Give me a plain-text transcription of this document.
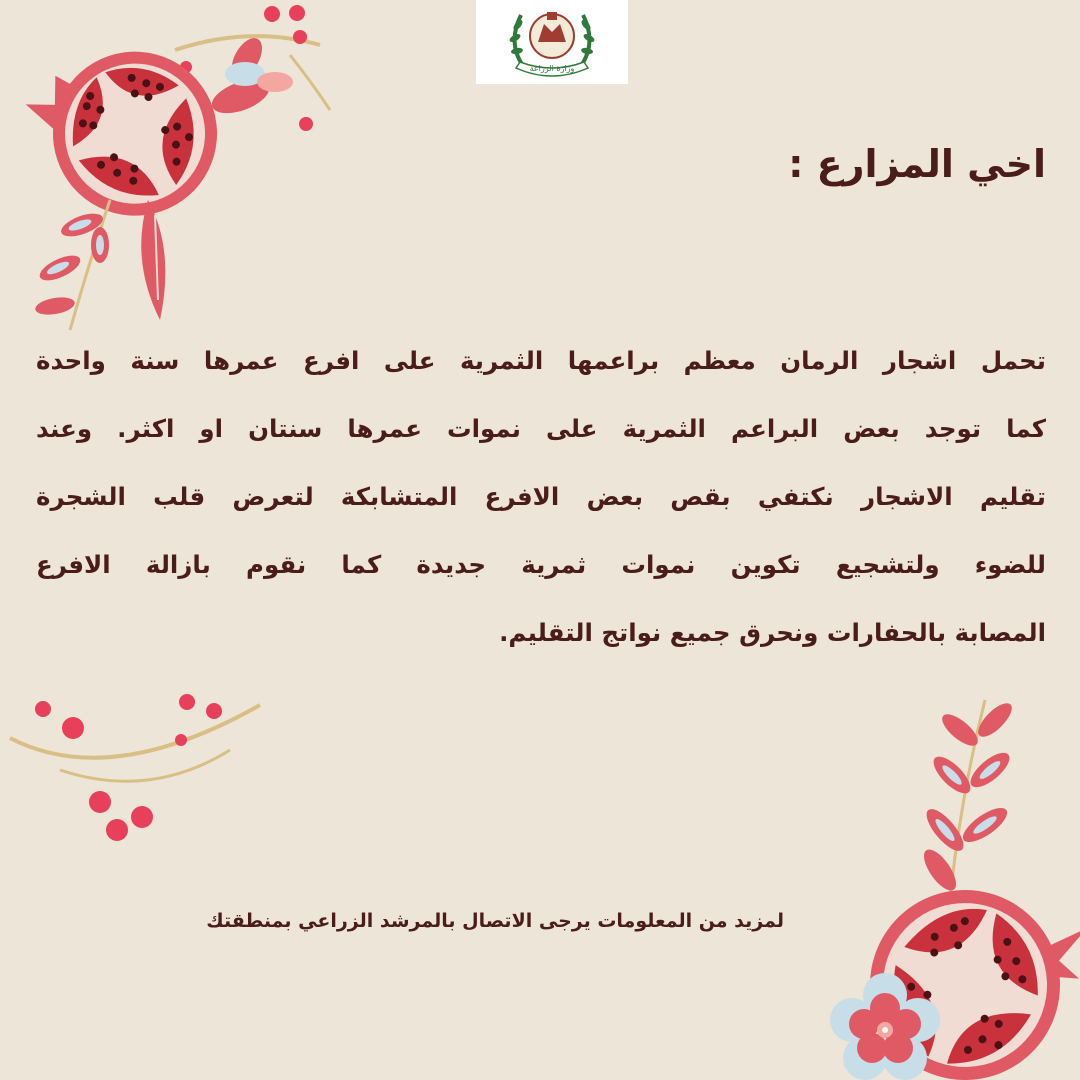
وزارة الزراعة
اخي المزارع :
تحمل اشجار الرمان معظم براعمها الثمرية على افرع عمرها سنة واحدة
كما توجد بعض البراعم الثمرية على نموات عمرها سنتان او اكثر. وعند
تقليم الاشجار نكتفي بقص بعض الافرع المتشابكة لتعرض قلب الشجرة
للضوء ولتشجيع تكوين نموات ثمرية جديدة كما نقوم بازالة الافرع
المصابة بالحفارات ونحرق جميع نواتج التقليم.
لمزيد من المعلومات يرجى الاتصال بالمرشد الزراعي بمنطقتك
